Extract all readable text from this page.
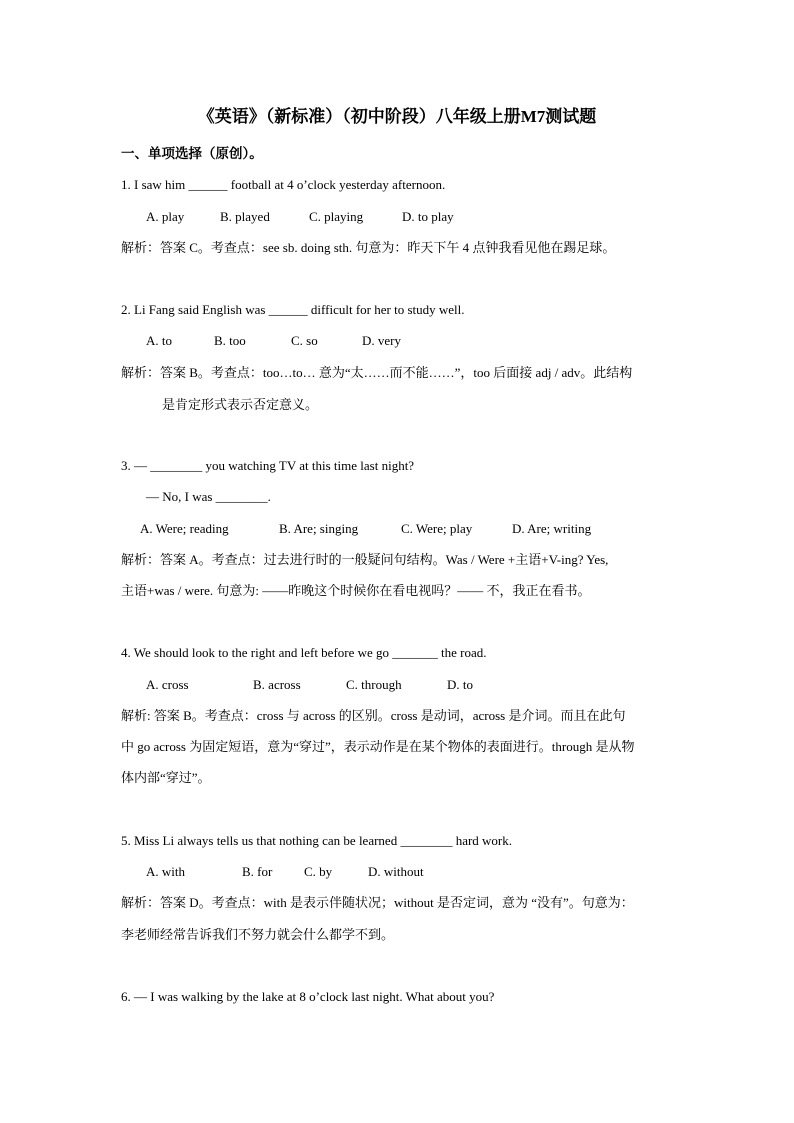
《英语》（新标准）（初中阶段）八年级上册M7测试题
一、单项选择（原创）。
1. I saw him ______ football at 4 o’clock yesterday afternoon.
A. play	B. played	C. playing	D. to play
解析：答案 C。考查点：see sb. doing sth. 句意为：昨天下午 4 点钟我看见他在踢足球。
2. Li Fang said English was ______ difficult for her to study well.
A. to	B. too	C. so	D. very
解析：答案 B。考查点：too…to… 意为“太……而不能……”，too 后面接 adj / adv。此结构
是肯定形式表示否定意义。
3. — ________ you watching TV at this time last night?
— No, I was ________.
A. Were; reading	B. Are; singing	C. Were; play	D. Are; writing
解析：答案 A。考查点：过去进行时的一般疑问句结构。Was / Were +主语+V-ing? Yes,
主语+was / were. 句意为: ——昨晚这个时候你在看电视吗？—— 不，我正在看书。
4. We should look to the right and left before we go _______ the road.
A. cross	B. across	C. through	D. to
解析: 答案 B。考查点：cross 与 across 的区别。cross 是动词，across 是介词。而且在此句
中 go across 为固定短语，意为“穿过”，表示动作是在某个物体的表面进行。through 是从物
体内部“穿过”。
5. Miss Li always tells us that nothing can be learned ________ hard work.
A. with	B. for C. by	D. without
解析：答案 D。考查点：with 是表示伴随状况；without 是否定词，意为 “没有”。句意为：
李老师经常告诉我们不努力就会什么都学不到。
6. — I was walking by the lake at 8 o’clock last night. What about you?
